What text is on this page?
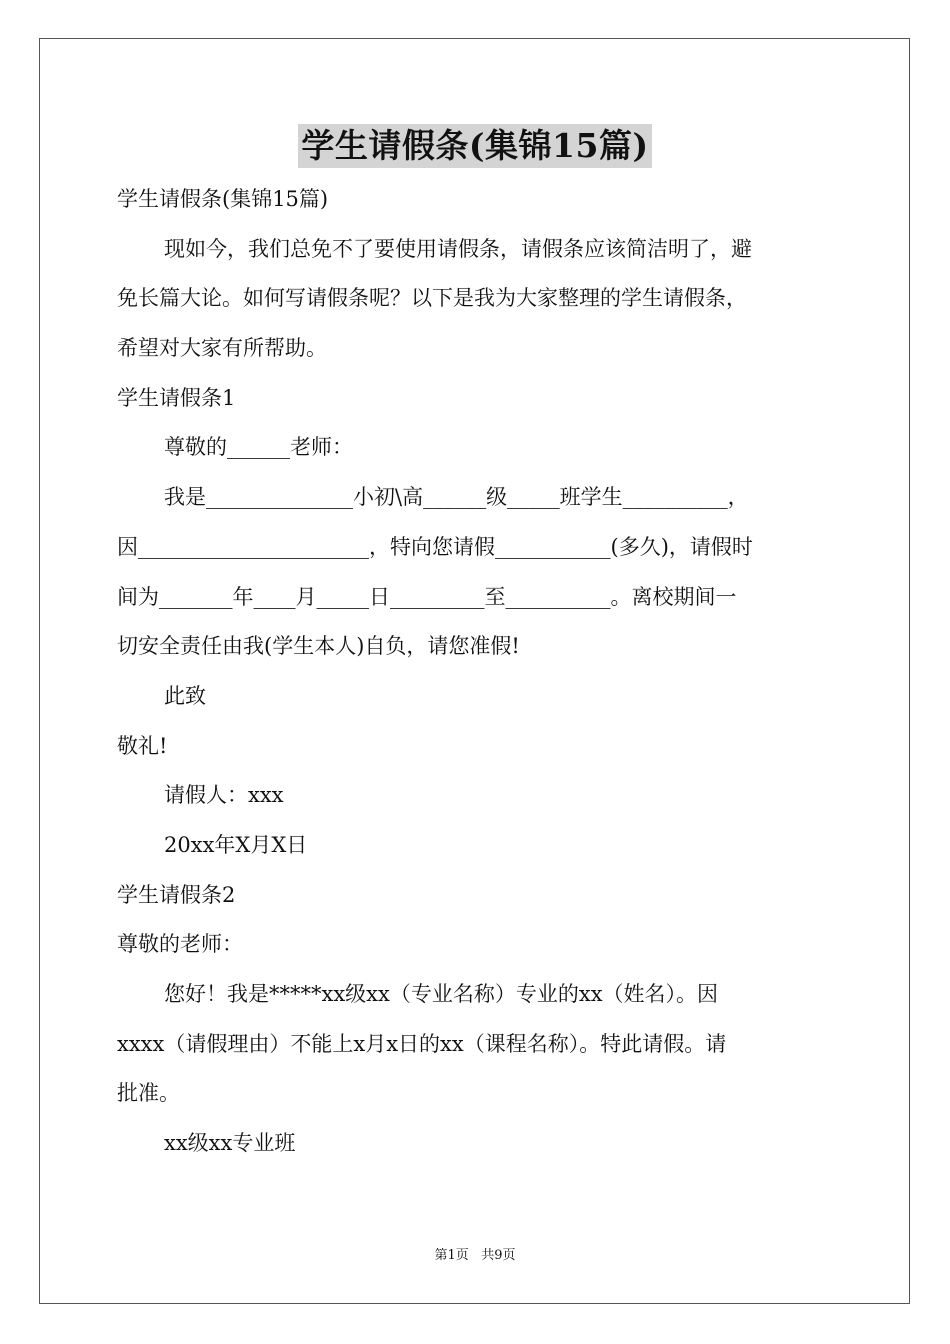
学生请假条(集锦15篇)
学生请假条(集锦15篇)
现如今，我们总免不了要使用请假条，请假条应该简洁明了，避
免长篇大论。如何写请假条呢？以下是我为大家整理的学生请假条，
希望对大家有所帮助。
学生请假条1
尊敬的______老师：
我是______________小初\高______级_____班学生__________，
因______________________，特向您请假___________(多久)，请假时
间为_______年____月_____日_________至__________。离校期间一
切安全责任由我(学生本人)自负，请您准假!
此致
敬礼!
请假人：xxx
20xx年X月X日
学生请假条2
尊敬的老师：
您好！我是*****xx级xx（专业名称）专业的xx（姓名）。因
xxxx（请假理由）不能上x月x日的xx（课程名称）。特此请假。请
批准。
xx级xx专业班
第1页 共9页
